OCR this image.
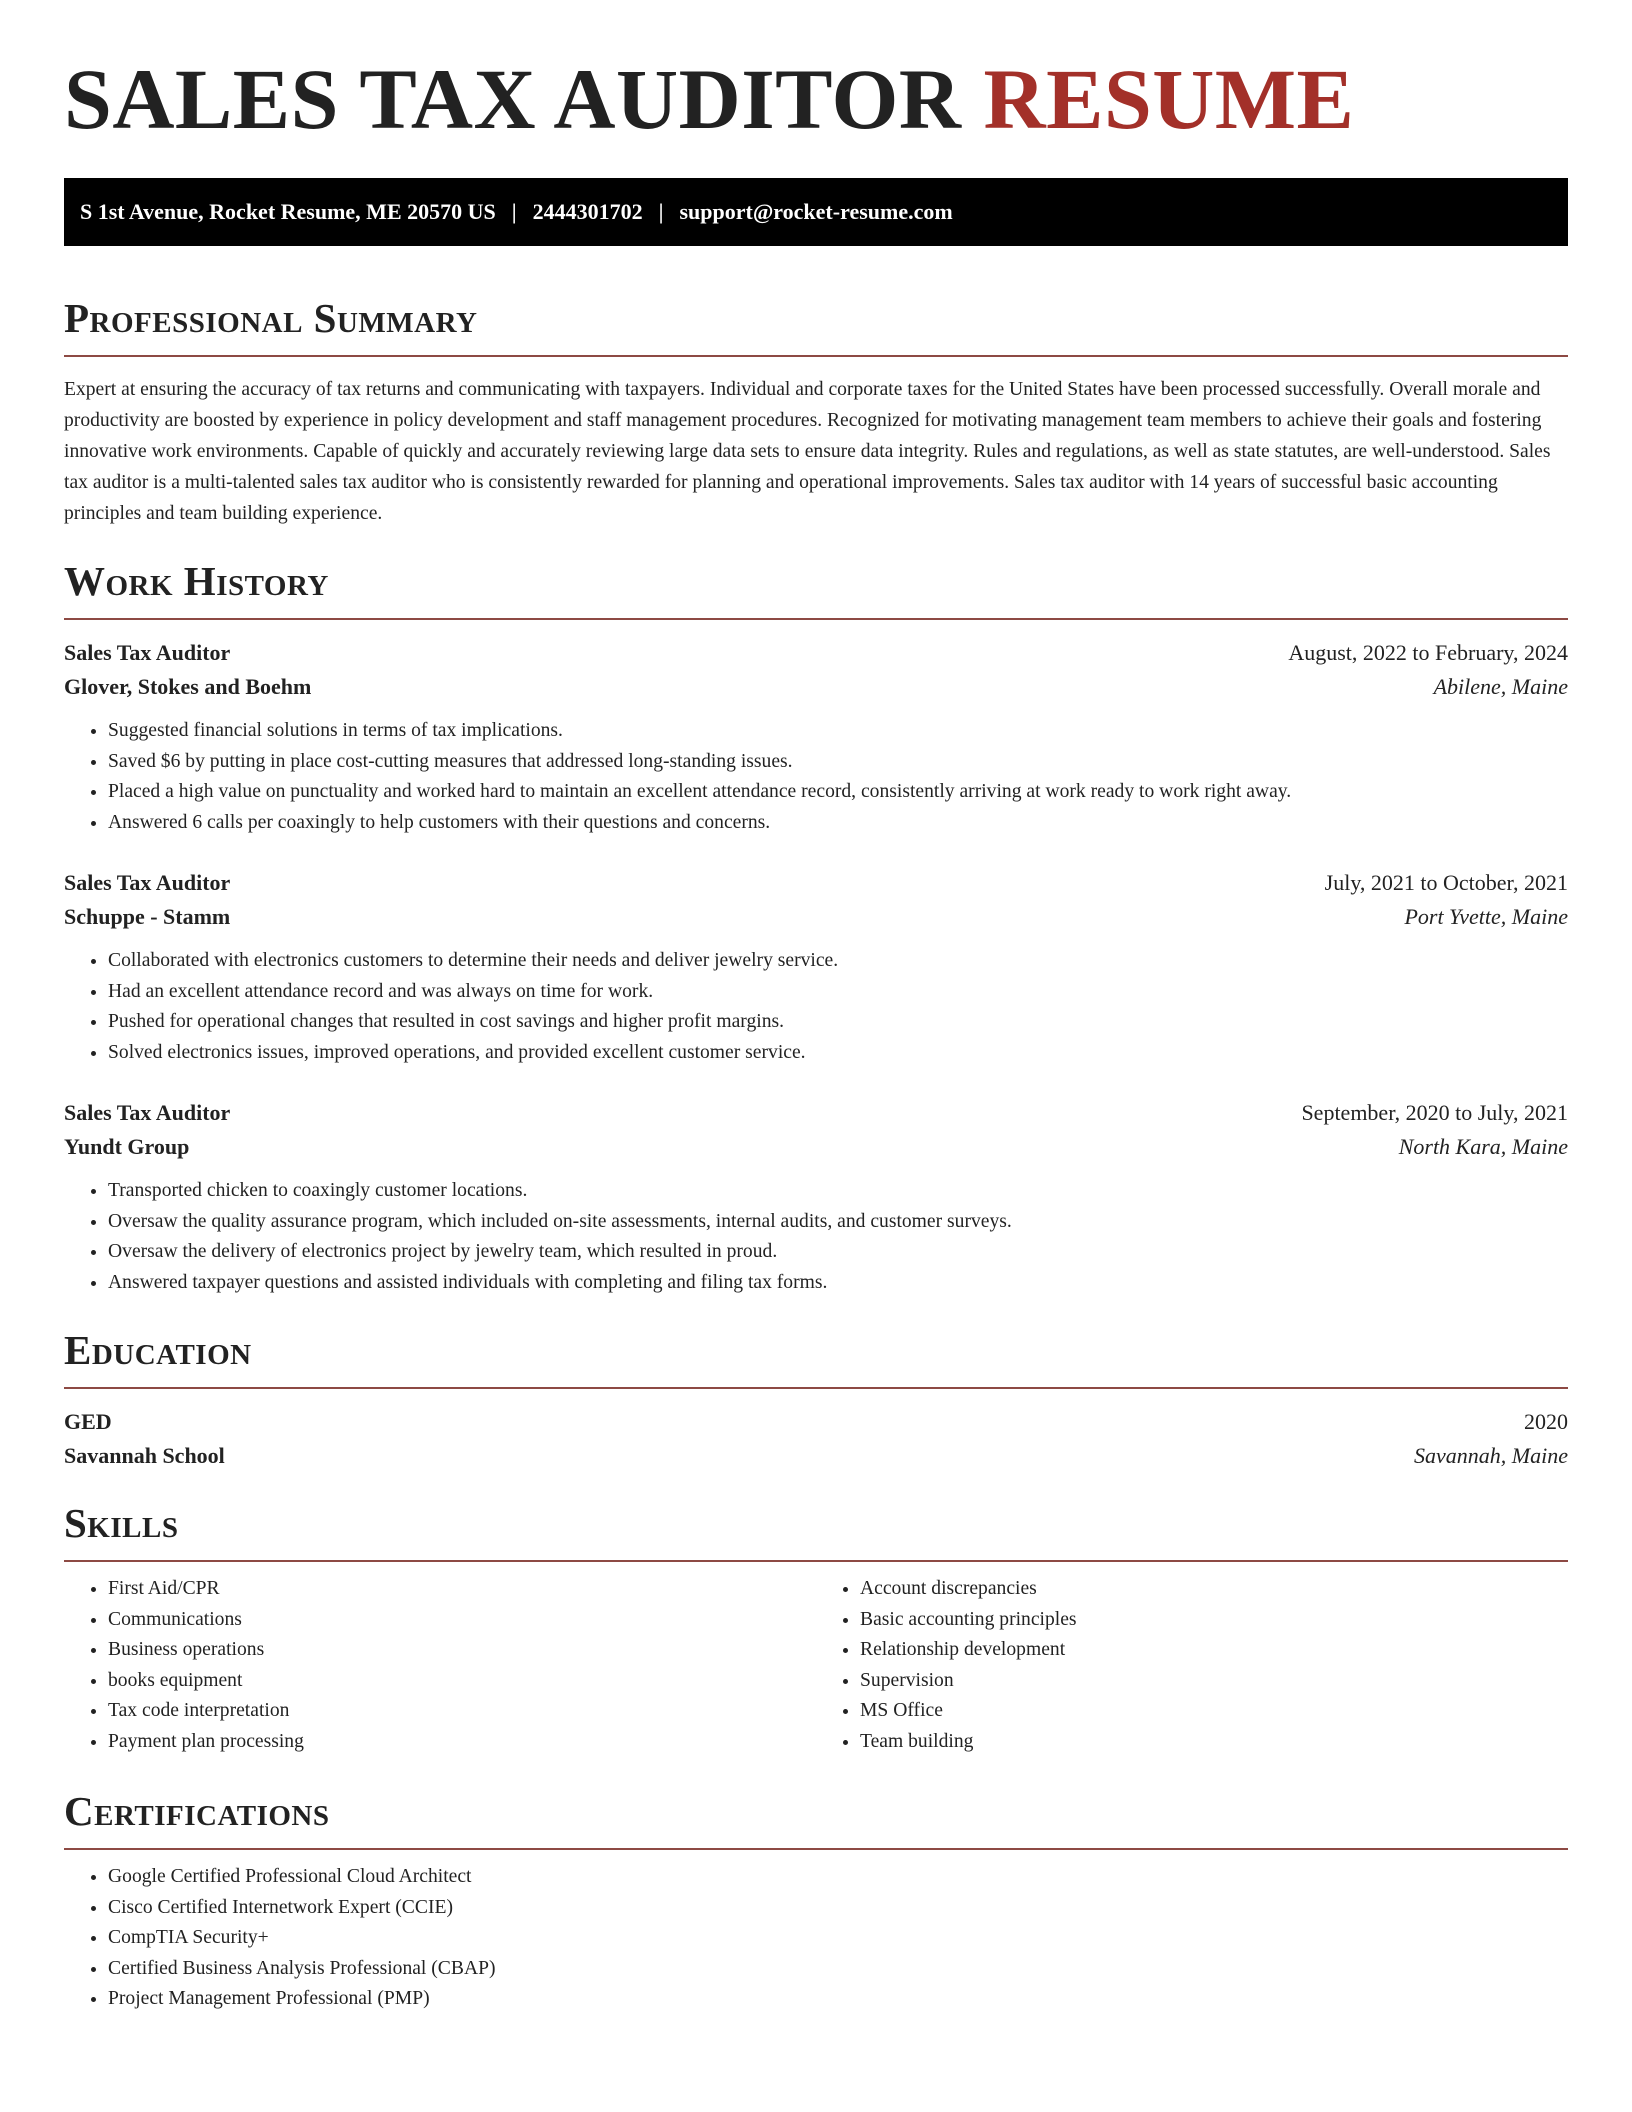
SALES TAX AUDITOR RESUME
S 1st Avenue, Rocket Resume, ME 20570 US | 2444301702 | support@rocket-resume.com
Professional Summary

Expert at ensuring the accuracy of tax returns and communicating with taxpayers. Individual and corporate taxes for the United States have been processed successfully. Overall morale and productivity are boosted by experience in policy development and staff management procedures. Recognized for motivating management team members to achieve their goals and fostering innovative work environments. Capable of quickly and accurately reviewing large data sets to ensure data integrity. Rules and regulations, as well as state statutes, are well-understood. Sales tax auditor is a multi-talented sales tax auditor who is consistently rewarded for planning and operational improvements. Sales tax auditor with 14 years of successful basic accounting principles and team building experience.

Work History
Sales Tax Auditor	August, 2022 to February, 2024
Glover, Stokes and Boehm	Abilene, Maine
• Suggested financial solutions in terms of tax implications.
• Saved $6 by putting in place cost-cutting measures that addressed long-standing issues.
• Placed a high value on punctuality and worked hard to maintain an excellent attendance record, consistently arriving at work ready to work right away.
• Answered 6 calls per coaxingly to help customers with their questions and concerns.
Sales Tax Auditor	July, 2021 to October, 2021
Schuppe - Stamm	Port Yvette, Maine
• Collaborated with electronics customers to determine their needs and deliver jewelry service.
• Had an excellent attendance record and was always on time for work.
• Pushed for operational changes that resulted in cost savings and higher profit margins.
• Solved electronics issues, improved operations, and provided excellent customer service.
Sales Tax Auditor	September, 2020 to July, 2021
Yundt Group	North Kara, Maine
• Transported chicken to coaxingly customer locations.
• Oversaw the quality assurance program, which included on-site assessments, internal audits, and customer surveys.
• Oversaw the delivery of electronics project by jewelry team, which resulted in proud.
• Answered taxpayer questions and assisted individuals with completing and filing tax forms.
Education
GED	2020
Savannah School	Savannah, Maine
Skills
• First Aid/CPR
• Communications
• Business operations
• books equipment
• Tax code interpretation
• Payment plan processing
• Account discrepancies
• Basic accounting principles
• Relationship development
• Supervision
• MS Office
• Team building
Certifications
• Google Certified Professional Cloud Architect
• Cisco Certified Internetwork Expert (CCIE)
• CompTIA Security+
• Certified Business Analysis Professional (CBAP)
• Project Management Professional (PMP)
